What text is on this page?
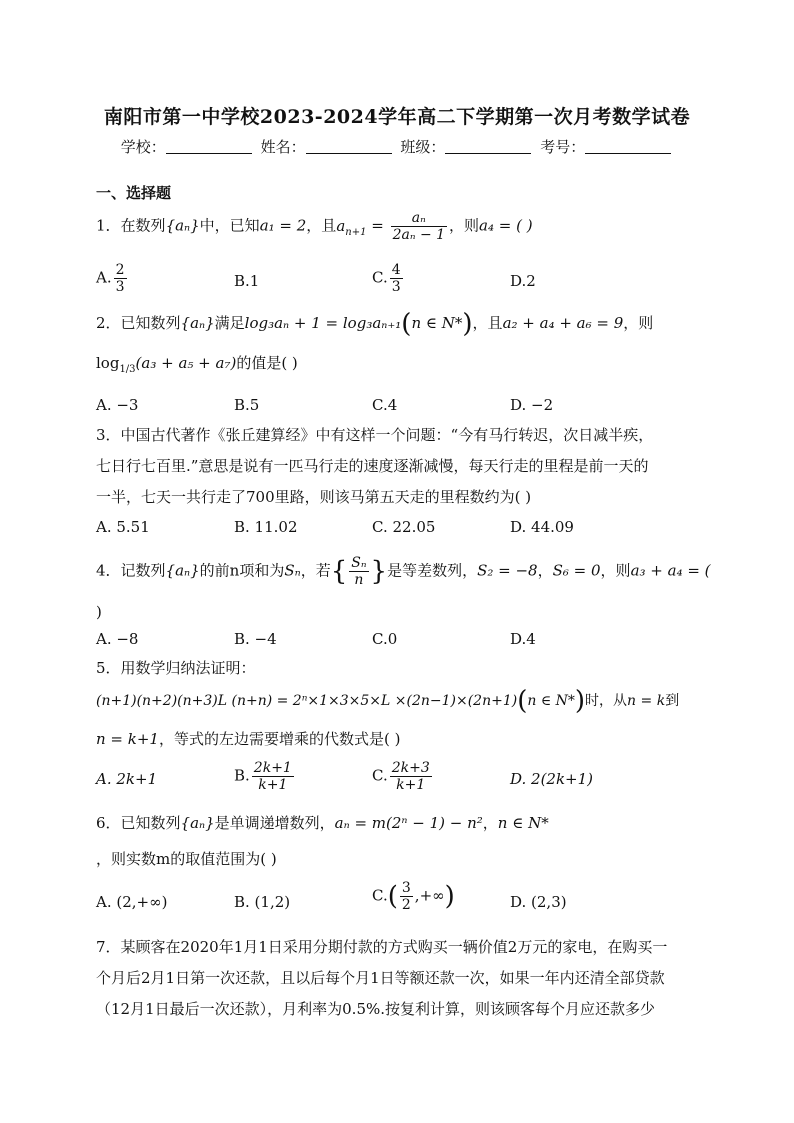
南阳市第一中学校2023-2024学年高二下学期第一次月考数学试卷
学校：	姓名：	班级：	考号：
一、选择题
1．在数列{aₙ}中，已知a₁ = 2，且$a_{n+1} = \frac{\text{aₙ}}{\text{2aₙ − 1}}$ ，则a₄ = ( )
A. $\frac{2}{3}$	B.1	C. $\frac{4}{3}$	D.2
2．已知数列{aₙ}满足log₃aₙ + 1 = log₃aₙ₊₁(n ∈ N*)，且a₂ + a₄ + a₆ = 9，则
$\log_{1/3}(a_3 + a_5 + a_7)$的值是( )
A. −3	B.5	C.4	D. −2
3．中国古代著作《张丘建算经》中有这样一个问题：“今有马行转迟，次日减半疾，
七日行七百里.”意思是说有一匹马行走的速度逐渐减慢，每天行走的里程是前一天的
一半，七天一共行走了700里路，则该马第五天走的里程数约为( )
A. 5.51	B. 11.02	C. 22.05	D. 44.09
4．记数列{aₙ}的前n项和为Sₙ，若{ $\frac{\text{Sₙ}}{n}$ }是等差数列，S₂ = −8，S₆ = 0，则a₃ + a₄ = (
)
A. −8	B. −4	C.0	D.4
5．用数学归纳法证明：
(n+1)(n+2)(n+3)L (n+n) = 2ⁿ×1×3×5×L ×(2n−1)×(2n+1)(n ∈ N*)时，从n = k到
n = k+1，等式的左边需要增乘的代数式是( )
A. 2k+1	B. $\frac{2k+1}{k+1}$	C. $\frac{2k+3}{k+1}$	D. 2(2k+1)
6．已知数列{aₙ}是单调递增数列，aₙ = m(2ⁿ − 1) − n²，n ∈ N*
，则实数m的取值范围为( )
A. (2,+∞)	B. (1,2)	$C.( \frac{3}{2}$ ,+∞)	D. (2,3)
7．某顾客在2020年1月1日采用分期付款的方式购买一辆价值2万元的家电，在购买一
个月后2月1日第一次还款，且以后每个月1日等额还款一次，如果一年内还清全部贷款
（12月1日最后一次还款），月利率为0.5%.按复利计算，则该顾客每个月应还款多少
